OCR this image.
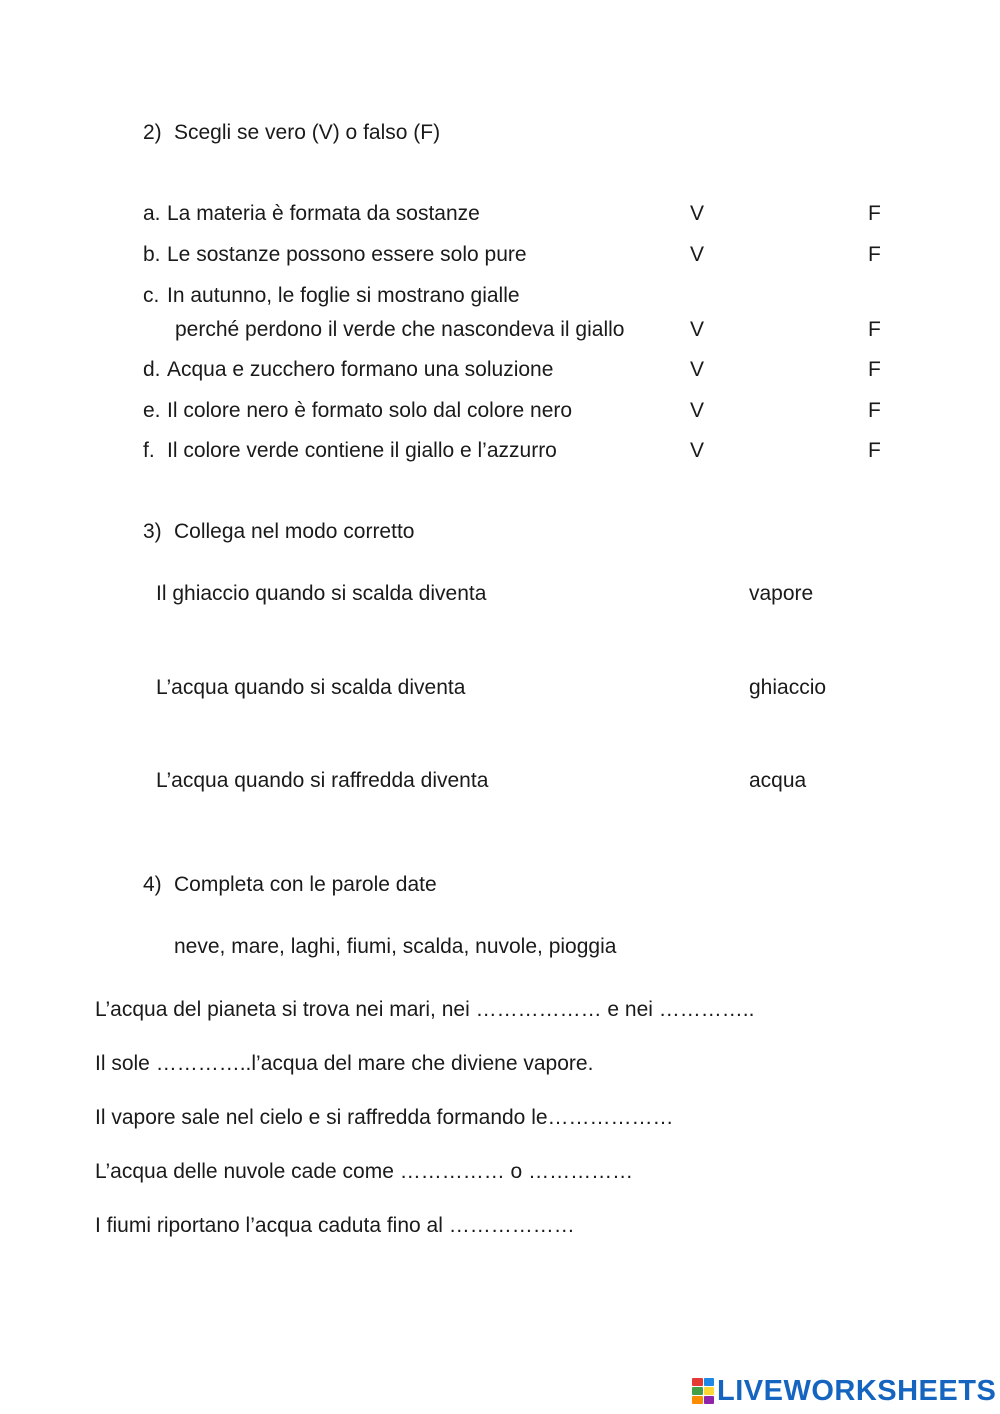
2) Scegli se vero (V) o falso (F)
a. La materia è formata da sostanze	V	F
b. Le sostanze possono essere solo pure	V	F
c. In autunno, le foglie si mostrano gialle
perché perdono il verde che nascondeva il giallo	V	F
d. Acqua e zucchero formano una soluzione	V	F
e. Il colore nero è formato solo dal colore nero	V	F
f. Il colore verde contiene il giallo e l’azzurro	V	F
3) Collega nel modo corretto
Il ghiaccio quando si scalda diventa	vapore
L’acqua quando si scalda diventa	ghiaccio
L’acqua quando si raffredda diventa	acqua
4) Completa con le parole date
neve, mare, laghi, fiumi, scalda, nuvole, pioggia
L’acqua del pianeta si trova nei mari, nei ……………… e nei …………..
Il sole …………..l’acqua del mare che diviene vapore.
Il vapore sale nel cielo e si raffredda formando le………………
L’acqua delle nuvole cade come …………… o ……………
I fiumi riportano l’acqua caduta fino al ………………
LIVEWORKSHEETS
